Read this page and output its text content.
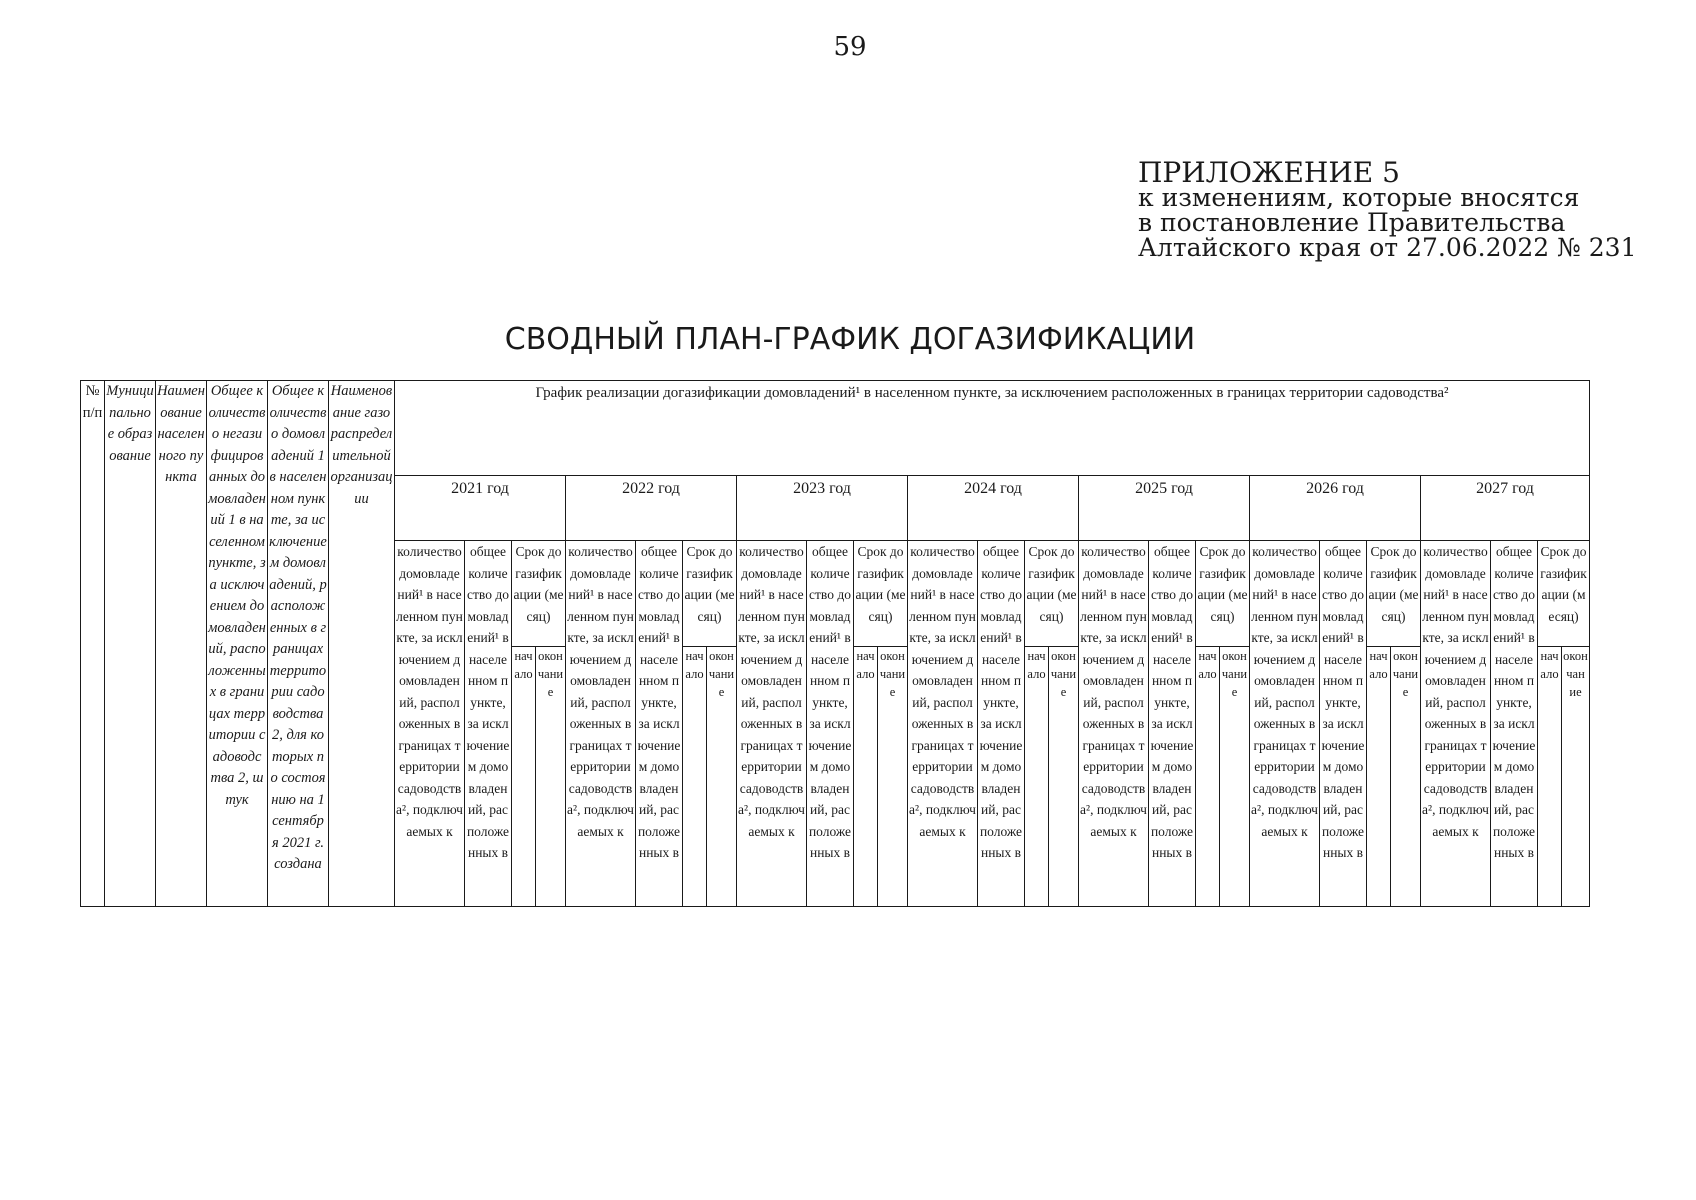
59
ПРИЛОЖЕНИЕ 5
к изменениям, которые вносятся
в постановление Правительства
Алтайского края от 27.06.2022 № 231
СВОДНЫЙ ПЛАН-ГРАФИК ДОГАЗИФИКАЦИИ
№ п/п	Муниципальное образование	Наименование населенного пункта	Общее количество негазифицированных домовладений 1 в населенном пункте, за исключением домовладений, расположенных в границах территории садоводства 2, штук	Общее количество домовладений 1 в населенном пункте, за исключением домовладений, расположенных в границах территории садоводства 2, для которых по состоянию на 1 сентября 2021 г. создана	Наименование газораспределительной организации	График реализации догазификации домовладений¹ в населенном пункте, за исключением расположенных в границах территории садоводства²																											
						2021 год				2022 год				2023 год				2024 год				2025 год				2026 год				2027 год			
						количество домовладений¹ в населенном пункте, за исключением домовладений, расположенных в границах территории садоводства², подключаемых к	общее количество домовладений¹ в населенном пункте, за исключением домовладений, расположенных в	Срок догазификации (месяц)		количество домовладений¹ в населенном пункте, за исключением домовладений, расположенных в границах территории садоводства², подключаемых к	общее количество домовладений¹ в населенном пункте, за исключением домовладений, расположенных в	Срок догазификации (месяц)		количество домовладений¹ в населенном пункте, за исключением домовладений, расположенных в границах территории садоводства², подключаемых к	общее количество домовладений¹ в населенном пункте, за исключением домовладений, расположенных в	Срок догазификации (месяц)		количество домовладений¹ в населенном пункте, за исключением домовладений, расположенных в границах территории садоводства², подключаемых к	общее количество домовладений¹ в населенном пункте, за исключением домовладений, расположенных в	Срок догазификации (месяц)		количество домовладений¹ в населенном пункте, за исключением домовладений, расположенных в границах территории садоводства², подключаемых к	общее количество домовладений¹ в населенном пункте, за исключением домовладений, расположенных в	Срок догазификации (месяц)		количество домовладений¹ в населенном пункте, за исключением домовладений, расположенных в границах территории садоводства², подключаемых к	общее количество домовладений¹ в населенном пункте, за исключением домовладений, расположенных в	Срок догазификации (месяц)		количество домовладений¹ в населенном пункте, за исключением домовладений, расположенных в границах территории садоводства², подключаемых к	общее количество домовладений¹ в населенном пункте, за исключением домовладений, расположенных в	Срок догазификации (месяц)	
								начало	окончание			начало	окончание			начало	окончание			начало	окончание			начало	окончание			начало	окончание			начало	окончание
